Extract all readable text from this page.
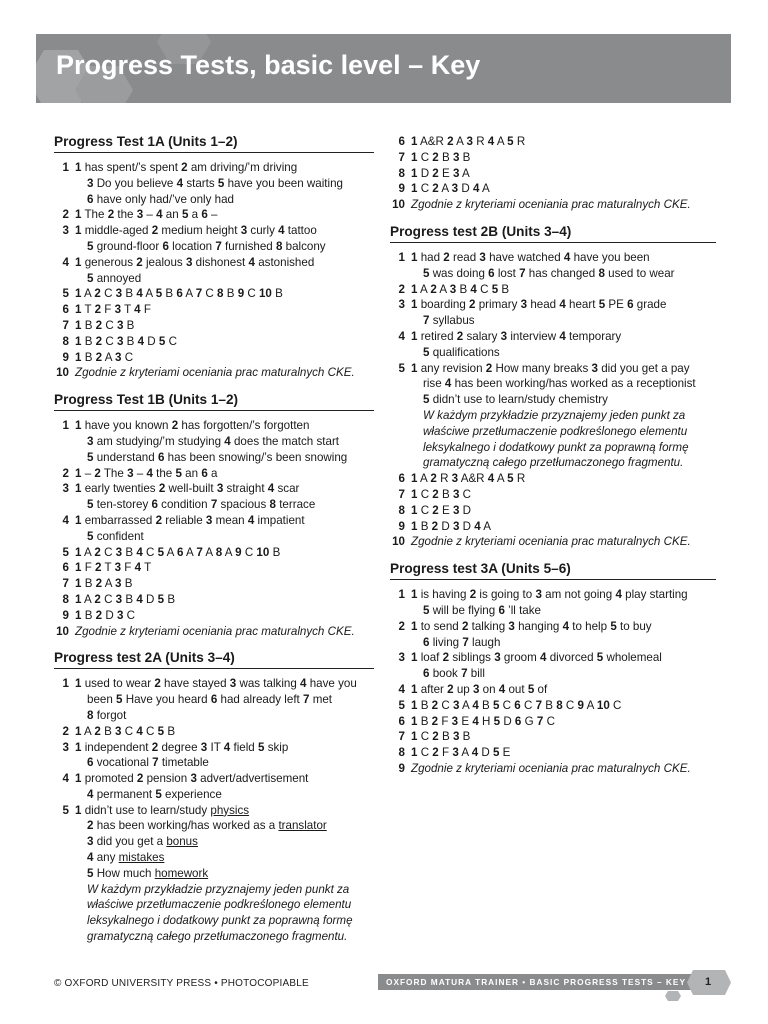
Progress Tests, basic level – Key
Progress Test 1A (Units 1–2)
1 1 has spent/’s spent 2 am driving/’m driving
3 Do you believe 4 starts 5 have you been waiting
6 have only had/’ve only had
2 1 The 2 the 3 – 4 an 5 a 6 –
3 1 middle-aged 2 medium height 3 curly 4 tattoo
5 ground-floor 6 location 7 furnished 8 balcony
4 1 generous 2 jealous 3 dishonest 4 astonished
5 annoyed
5 1 A 2 C 3 B 4 A 5 B 6 A 7 C 8 B 9 C 10 B
6 1 T 2 F 3 T 4 F
7 1 B 2 C 3 B
8 1 B 2 C 3 B 4 D 5 C
9 1 B 2 A 3 C
10 Zgodnie z kryteriami oceniania prac maturalnych CKE.
Progress Test 1B (Units 1–2)
1 1 have you known 2 has forgotten/’s forgotten
3 am studying/’m studying 4 does the match start
5 understand 6 has been snowing/’s been snowing
2 1 – 2 The 3 – 4 the 5 an 6 a
3 1 early twenties 2 well-built 3 straight 4 scar
5 ten-storey 6 condition 7 spacious 8 terrace
4 1 embarrassed 2 reliable 3 mean 4 impatient
5 confident
5 1 A 2 C 3 B 4 C 5 A 6 A 7 A 8 A 9 C 10 B
6 1 F 2 T 3 F 4 T
7 1 B 2 A 3 B
8 1 A 2 C 3 B 4 D 5 B
9 1 B 2 D 3 C
10 Zgodnie z kryteriami oceniania prac maturalnych CKE.
Progress test 2A (Units 3–4)
1 1 used to wear 2 have stayed 3 was talking 4 have you
been 5 Have you heard 6 had already left 7 met
8 forgot
2 1 A 2 B 3 C 4 C 5 B
3 1 independent 2 degree 3 IT 4 field 5 skip
6 vocational 7 timetable
4 1 promoted 2 pension 3 advert/advertisement
4 permanent 5 experience
5 1 didn’t use to learn/study physics
2 has been working/has worked as a translator
3 did you get a bonus
4 any mistakes
5 How much homework
W każdym przykładzie przyznajemy jeden punkt za
właściwe przetłumaczenie podkreślonego elementu
leksykalnego i dodatkowy punkt za poprawną formę
gramatyczną całego przetłumaczonego fragmentu.
6 1 A&R 2 A 3 R 4 A 5 R
7 1 C 2 B 3 B
8 1 D 2 E 3 A
9 1 C 2 A 3 D 4 A
10 Zgodnie z kryteriami oceniania prac maturalnych CKE.
Progress test 2B (Units 3–4)
1 1 had 2 read 3 have watched 4 have you been
5 was doing 6 lost 7 has changed 8 used to wear
2 1 A 2 A 3 B 4 C 5 B
3 1 boarding 2 primary 3 head 4 heart 5 PE 6 grade
7 syllabus
4 1 retired 2 salary 3 interview 4 temporary
5 qualifications
5 1 any revision 2 How many breaks 3 did you get a pay
rise 4 has been working/has worked as a receptionist
5 didn’t use to learn/study chemistry
W każdym przykładzie przyznajemy jeden punkt za
właściwe przetłumaczenie podkreślonego elementu
leksykalnego i dodatkowy punkt za poprawną formę
gramatyczną całego przetłumaczonego fragmentu.
6 1 A 2 R 3 A&R 4 A 5 R
7 1 C 2 B 3 C
8 1 C 2 E 3 D
9 1 B 2 D 3 D 4 A
10 Zgodnie z kryteriami oceniania prac maturalnych CKE.
Progress test 3A (Units 5–6)
1 1 is having 2 is going to 3 am not going 4 play starting
5 will be flying 6 ’ll take
2 1 to send 2 talking 3 hanging 4 to help 5 to buy
6 living 7 laugh
3 1 loaf 2 siblings 3 groom 4 divorced 5 wholemeal
6 book 7 bill
4 1 after 2 up 3 on 4 out 5 of
5 1 B 2 C 3 A 4 B 5 C 6 C 7 B 8 C 9 A 10 C
6 1 B 2 F 3 E 4 H 5 D 6 G 7 C
7 1 C 2 B 3 B
8 1 C 2 F 3 A 4 D 5 E
9 Zgodnie z kryteriami oceniania prac maturalnych CKE.
© OXFORD UNIVERSITY PRESS • PHOTOCOPIABLE	OXFORD MATURA TRAINER • BASIC PROGRESS TESTS – KEY	1
